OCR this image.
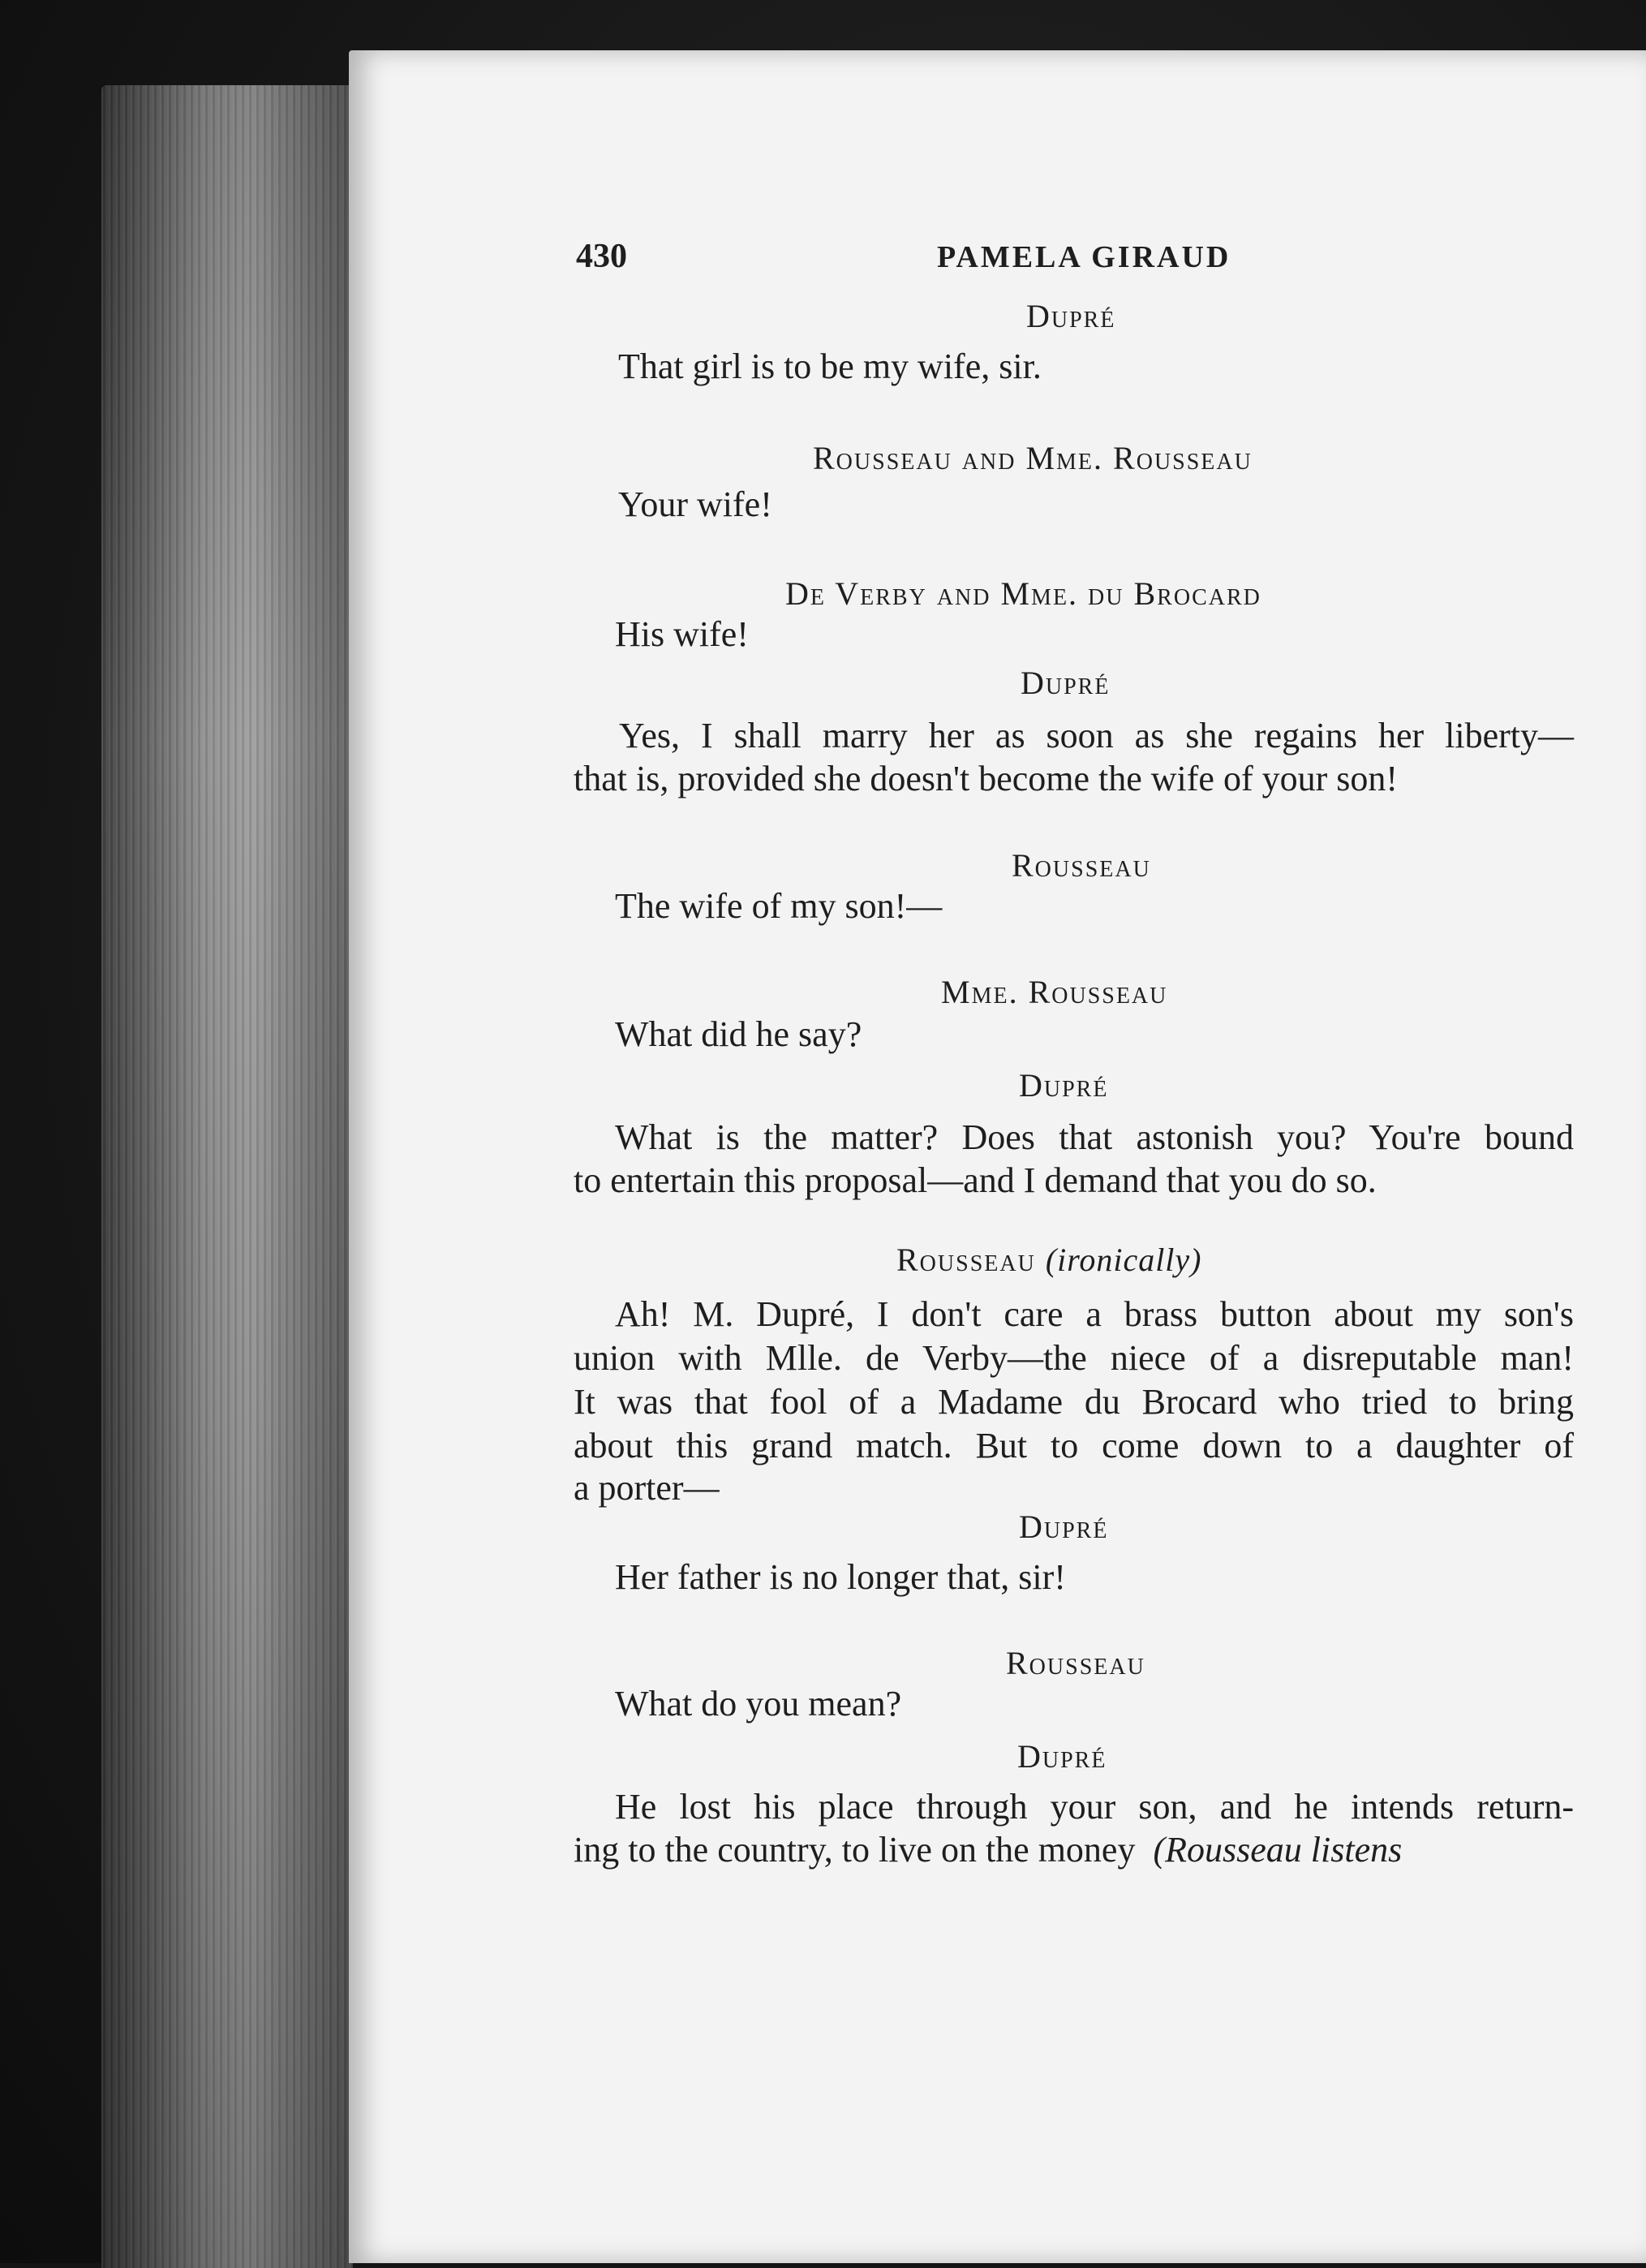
430	PAMELA GIRAUD
Dupré
That girl is to be my wife, sir.
Rousseau and Mme. Rousseau
Your wife!
De Verby and Mme. du Brocard
His wife!
Dupré
Yes, I shall marry her as soon as she regains her liberty—
that is, provided she doesn't become the wife of your son!
Rousseau
The wife of my son!—
Mme. Rousseau
What did he say?
Dupré
What is the matter? Does that astonish you? You're bound
to entertain this proposal—and I demand that you do so.
Rousseau (ironically)
Ah! M. Dupré, I don't care a brass button about my son's
union with Mlle. de Verby—the niece of a disreputable man!
It was that fool of a Madame du Brocard who tried to bring
about this grand match. But to come down to a daughter of
a porter—
Dupré
Her father is no longer that, sir!
Rousseau
What do you mean?
Dupré
He lost his place through your son, and he intends return-
ing to the country, to live on the money (Rousseau listens
